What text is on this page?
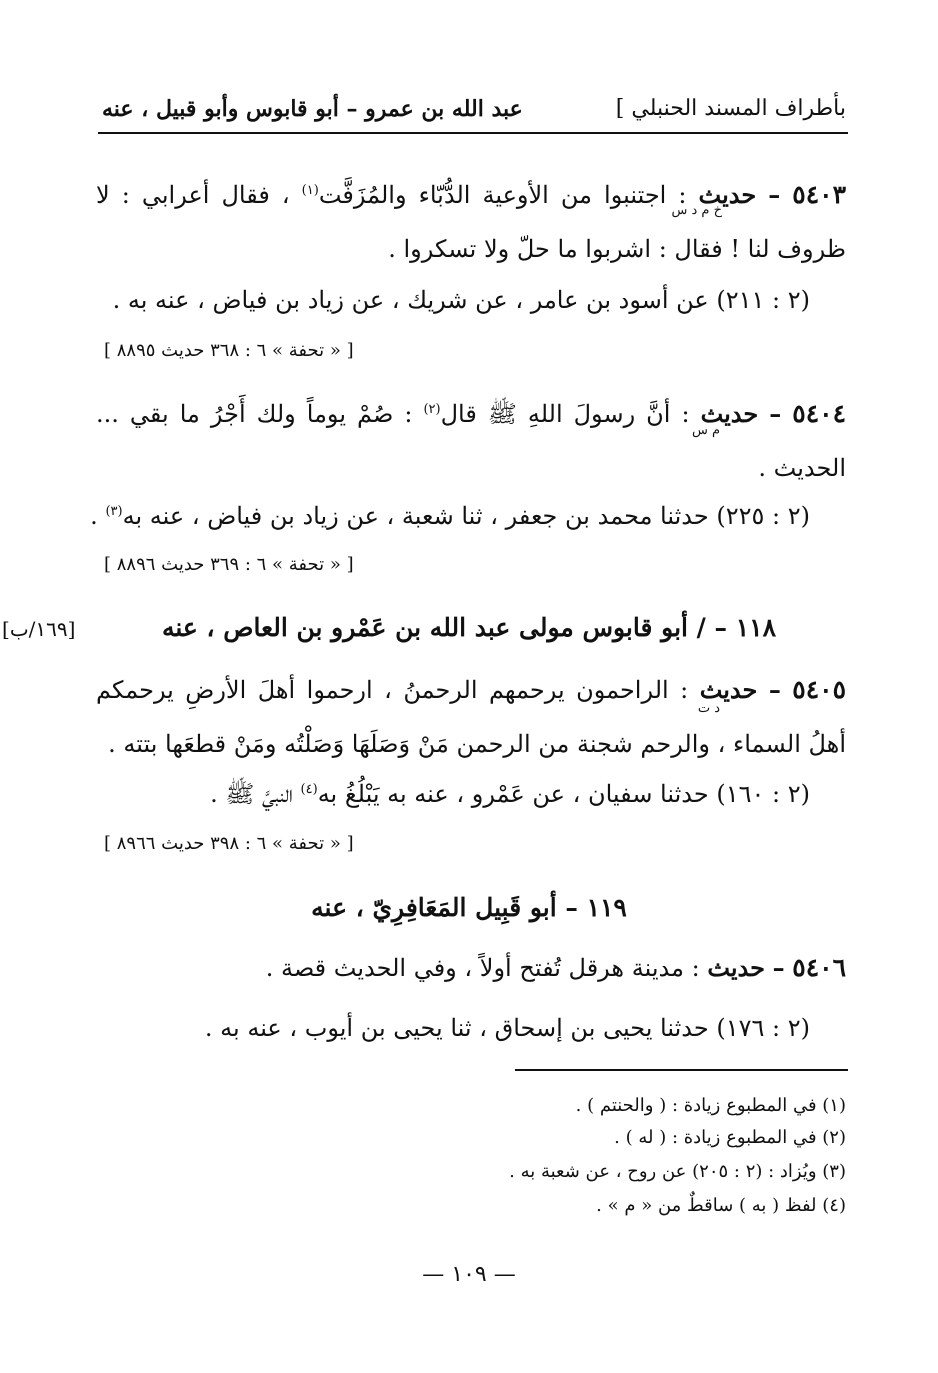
بأطراف المسند الحنبلي ]
عبد الله بن عمرو – أبو قابوس وأبو قبيل ، عنه
٥٤٠٣ – حديث : اجتنبوا من الأوعية الدُّبّاء والمُزَفَّت$^{(١)}$ ، فقال أعرابي : لا ظروف لنا ! فقال : اشربوا ما حلّ ولا تسكروا .
خ م د س
(٢ : ٢١١) عن أسود بن عامر ، عن شريك ، عن زياد بن فياض ، عنه به .
[ « تحفة » ٦ : ٣٦٨ حديث ٨٨٩٥ ]
٥٤٠٤ – حديث : أنَّ رسولَ اللهِ ﷺ قال$^{(٢)}$ : صُمْ يوماً ولك أَجْرُ ما بقي ... الحديث .
م س
(٢ : ٢٢٥) حدثنا محمد بن جعفر ، ثنا شعبة ، عن زياد بن فياض ، عنه به$^{(٣)}$ .
[ « تحفة » ٦ : ٣٦٩ حديث ٨٨٩٦ ]
١١٨ – / أبو قابوس مولى عبد الله بن عَمْرو بن العاص ، عنه
[١٦٩/ب]
٥٤٠٥ – حديث : الراحمون يرحمهم الرحمنُ ، ارحموا أهلَ الأرضِ يرحمكم أهلُ السماء ، والرحم شجنة من الرحمن مَنْ وَصَلَهَا وَصَلْتُه ومَنْ قطعَها بتته .
د ت
(٢ : ١٦٠) حدثنا سفيان ، عن عَمْرو ، عنه به يَبْلُغُ به$^{(٤)}$ النبيَّ ﷺ .
[ « تحفة » ٦ : ٣٩٨ حديث ٨٩٦٦ ]
١١٩ – أبو قَبِيل المَعَافِرِيّ ، عنه
٥٤٠٦ – حديث : مدينة هرقل تُفتح أولاً ، وفي الحديث قصة .
(٢ : ١٧٦) حدثنا يحيى بن إسحاق ، ثنا يحيى بن أيوب ، عنه به .
(١) في المطبوع زيادة : ( والحنتم ) .
(٢) في المطبوع زيادة : ( له ) .
(٣) ويُزاد : (٢ : ٢٠٥) عن روح ، عن شعبة به .
(٤) لفظ ( به ) ساقطٌ من « م » .
— ١٠٩ —
